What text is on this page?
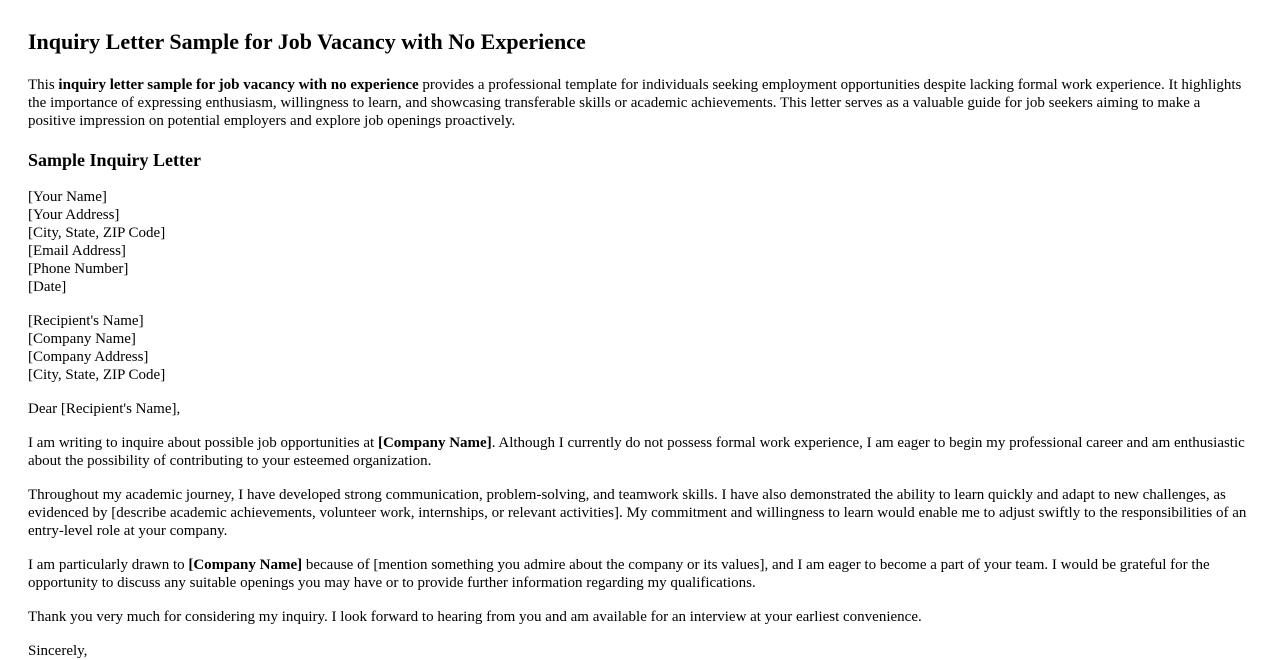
Inquiry Letter Sample for Job Vacancy with No Experience

This inquiry letter sample for job vacancy with no experience provides a professional template for individuals seeking employment opportunities despite lacking formal work experience. It highlights the importance of expressing enthusiasm, willingness to learn, and showcasing transferable skills or academic achievements. This letter serves as a valuable guide for job seekers aiming to make a positive impression on potential employers and explore job openings proactively.

Sample Inquiry Letter
[Your Name]
[Your Address]
[City, State, ZIP Code]
[Email Address]
[Phone Number]
[Date]
[Recipient's Name]
[Company Name]
[Company Address]
[City, State, ZIP Code]

Dear [Recipient's Name],

I am writing to inquire about possible job opportunities at [Company Name]. Although I currently do not possess formal work experience, I am eager to begin my professional career and am enthusiastic about the possibility of contributing to your esteemed organization.

Throughout my academic journey, I have developed strong communication, problem-solving, and teamwork skills. I have also demonstrated the ability to learn quickly and adapt to new challenges, as evidenced by [describe academic achievements, volunteer work, internships, or relevant activities]. My commitment and willingness to learn would enable me to adjust swiftly to the responsibilities of an entry-level role at your company.

I am particularly drawn to [Company Name] because of [mention something you admire about the company or its values], and I am eager to become a part of your team. I would be grateful for the opportunity to discuss any suitable openings you may have or to provide further information regarding my qualifications.

Thank you very much for considering my inquiry. I look forward to hearing from you and am available for an interview at your earliest convenience.

Sincerely,
